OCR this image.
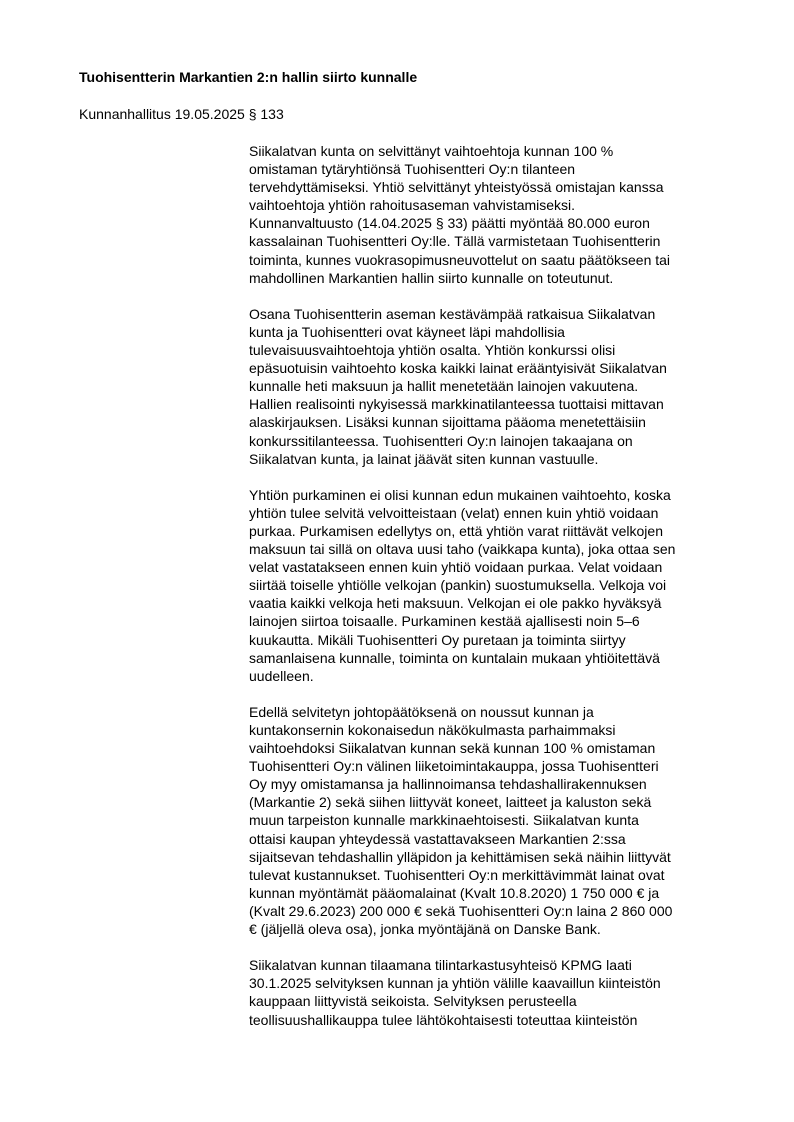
Tuohisentterin Markantien 2:n hallin siirto kunnalle
Kunnanhallitus 19.05.2025 § 133
Siikalatvan kunta on selvittänyt vaihtoehtoja kunnan 100 %
omistaman tytäryhtiönsä Tuohisentteri Oy:n tilanteen
tervehdyttämiseksi. Yhtiö selvittänyt yhteistyössä omistajan kanssa
vaihtoehtoja yhtiön rahoitusaseman vahvistamiseksi.
Kunnanvaltuusto (14.04.2025 § 33) päätti myöntää 80.000 euron
kassalainan Tuohisentteri Oy:lle. Tällä varmistetaan Tuohisentterin
toiminta, kunnes vuokrasopimusneuvottelut on saatu päätökseen tai
mahdollinen Markantien hallin siirto kunnalle on toteutunut.
Osana Tuohisentterin aseman kestävämpää ratkaisua Siikalatvan
kunta ja Tuohisentteri ovat käyneet läpi mahdollisia
tulevaisuusvaihtoehtoja yhtiön osalta. Yhtiön konkurssi olisi
epäsuotuisin vaihtoehto koska kaikki lainat erääntyisivät Siikalatvan
kunnalle heti maksuun ja hallit menetetään lainojen vakuutena.
Hallien realisointi nykyisessä markkinatilanteessa tuottaisi mittavan
alaskirjauksen. Lisäksi kunnan sijoittama pääoma menetettäisiin
konkurssitilanteessa. Tuohisentteri Oy:n lainojen takaajana on
Siikalatvan kunta, ja lainat jäävät siten kunnan vastuulle.
Yhtiön purkaminen ei olisi kunnan edun mukainen vaihtoehto, koska
yhtiön tulee selvitä velvoitteistaan (velat) ennen kuin yhtiö voidaan
purkaa. Purkamisen edellytys on, että yhtiön varat riittävät velkojen
maksuun tai sillä on oltava uusi taho (vaikkapa kunta), joka ottaa sen
velat vastatakseen ennen kuin yhtiö voidaan purkaa. Velat voidaan
siirtää toiselle yhtiölle velkojan (pankin) suostumuksella. Velkoja voi
vaatia kaikki velkoja heti maksuun. Velkojan ei ole pakko hyväksyä
lainojen siirtoa toisaalle. Purkaminen kestää ajallisesti noin 5–6
kuukautta. Mikäli Tuohisentteri Oy puretaan ja toiminta siirtyy
samanlaisena kunnalle, toiminta on kuntalain mukaan yhtiöitettävä
uudelleen.
Edellä selvitetyn johtopäätöksenä on noussut kunnan ja
kuntakonsernin kokonaisedun näkökulmasta parhaimmaksi
vaihtoehdoksi Siikalatvan kunnan sekä kunnan 100 % omistaman
Tuohisentteri Oy:n välinen liiketoimintakauppa, jossa Tuohisentteri
Oy myy omistamansa ja hallinnoimansa tehdashallirakennuksen
(Markantie 2) sekä siihen liittyvät koneet, laitteet ja kaluston sekä
muun tarpeiston kunnalle markkinaehtoisesti. Siikalatvan kunta
ottaisi kaupan yhteydessä vastattavakseen Markantien 2:ssa
sijaitsevan tehdashallin ylläpidon ja kehittämisen sekä näihin liittyvät
tulevat kustannukset. Tuohisentteri Oy:n merkittävimmät lainat ovat
kunnan myöntämät pääomalainat (Kvalt 10.8.2020) 1 750 000 € ja
(Kvalt 29.6.2023) 200 000 € sekä Tuohisentteri Oy:n laina 2 860 000
€ (jäljellä oleva osa), jonka myöntäjänä on Danske Bank.
Siikalatvan kunnan tilaamana tilintarkastusyhteisö KPMG laati
30.1.2025 selvityksen kunnan ja yhtiön välille kaavaillun kiinteistön
kauppaan liittyvistä seikoista. Selvityksen perusteella
teollisuushallikauppa tulee lähtökohtaisesti toteuttaa kiinteistön
